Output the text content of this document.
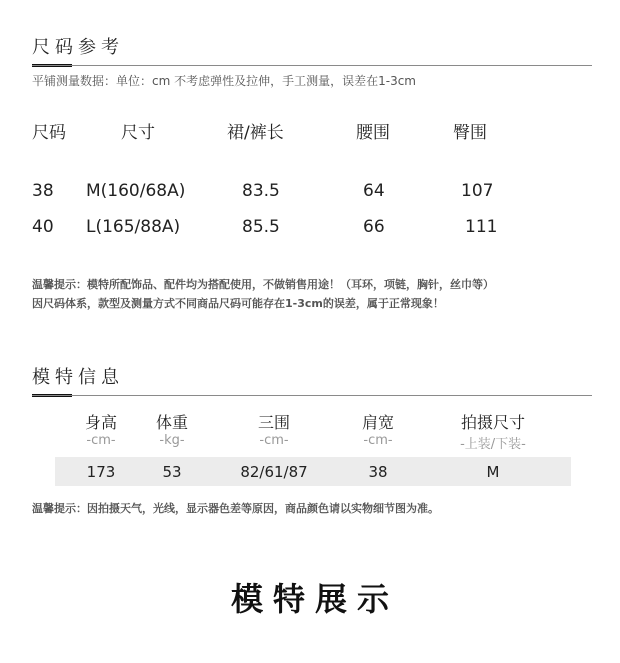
尺码参考
平铺测量数据：单位：cm 不考虑弹性及拉伸，手工测量，误差在1-3cm
尺码	尺寸	裙/裤长	腰围	臀围
38 M(160/68A)	83.5	64	107
40 L(165/88A)	85.5	66	111
温馨提示：模特所配饰品、配件均为搭配使用，不做销售用途！（耳环，项链，胸针，丝巾等）
因尺码体系，款型及测量方式不同商品尺码可能存在1-3cm的误差，属于正常现象！
模特信息
身高	体重	三围	肩宽	拍摄尺寸
-cm-	-kg-	-cm-	-cm-	-上装/下装-
173	53	82/61/87	38	M
温馨提示：因拍摄天气，光线，显示器色差等原因，商品颜色请以实物细节图为准。
模特展示
